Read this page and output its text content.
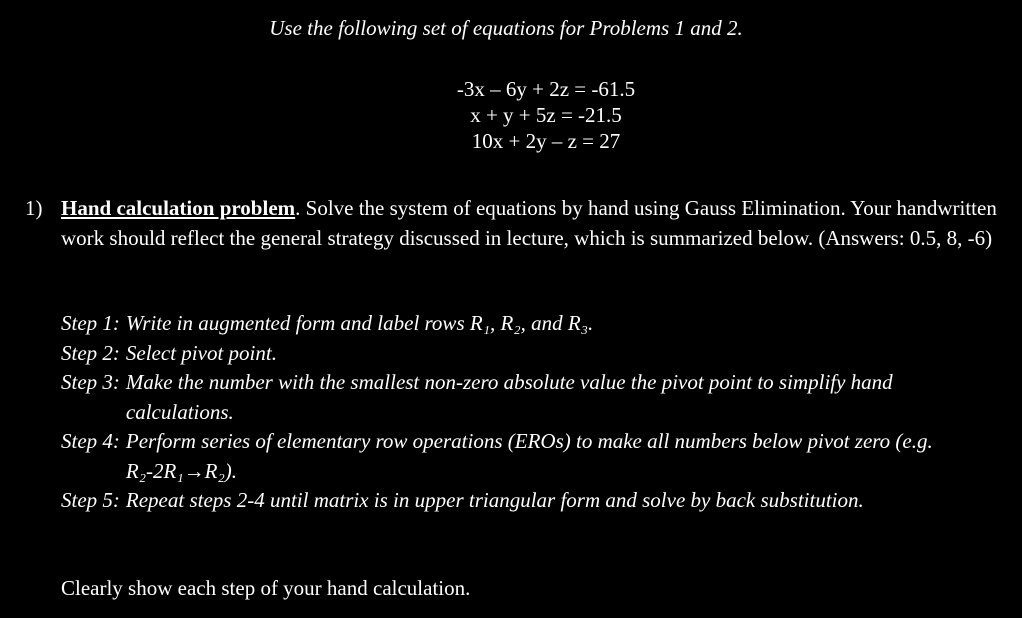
Use the following set of equations for Problems 1 and 2.

-3x – 6y + 2z = -61.5
x + y + 5z = -21.5
10x + 2y – z = 27
1) Hand calculation problem. Solve the system of equations by hand using Gauss Elimination. Your handwritten work should reflect the general strategy discussed in lecture, which is summarized below. (Answers: 0.5, 8, -6)
Step 1: Write in augmented form and label rows R₁, R₂, and R₃.
Step 2: Select pivot point.
Step 3: Make the number with the smallest non-zero absolute value the pivot point to simplify hand calculations.
Step 4: Perform series of elementary row operations (EROs) to make all numbers below pivot zero (e.g. R₂-2R₁→R₂).
Step 5: Repeat steps 2-4 until matrix is in upper triangular form and solve by back substitution.
Clearly show each step of your hand calculation.
